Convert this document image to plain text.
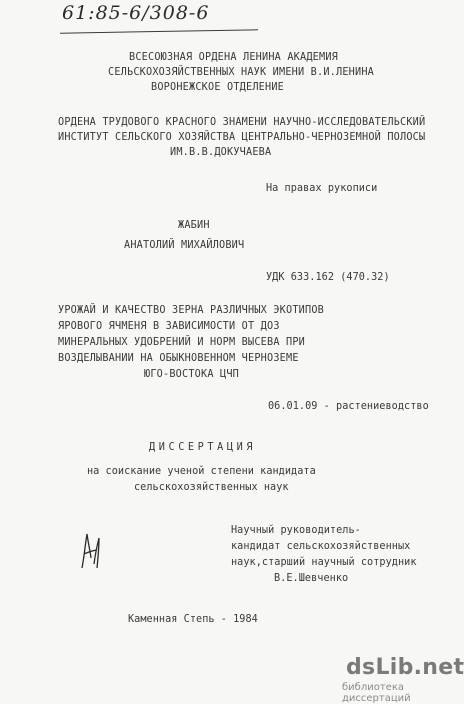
61:85-6/308-6
ВСЕСОЮЗНАЯ ОРДЕНА ЛЕНИНА АКАДЕМИЯ
СЕЛЬСКОХОЗЯЙСТВЕННЫХ НАУК ИМЕНИ В.И.ЛЕНИНА
ВОРОНЕЖСКОЕ ОТДЕЛЕНИЕ
ОРДЕНА ТРУДОВОГО КРАСНОГО ЗНАМЕНИ НАУЧНО-ИССЛЕДОВАТЕЛЬСКИЙ
ИНСТИТУТ СЕЛЬСКОГО ХОЗЯЙСТВА ЦЕНТРАЛЬНО-ЧЕРНОЗЕМНОЙ ПОЛОСЫ
ИМ.В.В.ДОКУЧАЕВА
На правах рукописи
ЖАБИН
АНАТОЛИЙ МИХАЙЛОВИЧ
УДК 633.162 (470.32)
УРОЖАЙ И КАЧЕСТВО ЗЕРНА РАЗЛИЧНЫХ ЭКОТИПОВ
ЯРОВОГО ЯЧМЕНЯ В ЗАВИСИМОСТИ ОТ ДОЗ
МИНЕРАЛЬНЫХ УДОБРЕНИЙ И НОРМ ВЫСЕВА ПРИ
ВОЗДЕЛЫВАНИИ НА ОБЫКНОВЕННОМ ЧЕРНОЗЕМЕ
ЮГО-ВОСТОКА ЦЧП
06.01.09 - растениеводство
ДИССЕРТАЦИЯ
на соискание ученой степени кандидата
сельскохозяйственных наук
Научный руководитель-
кандидат сельскохозяйственных
наук,старший научный сотрудник
В.Е.Шевченко
Каменная Степь - 1984
dsLib.net
библиотека диссертаций
